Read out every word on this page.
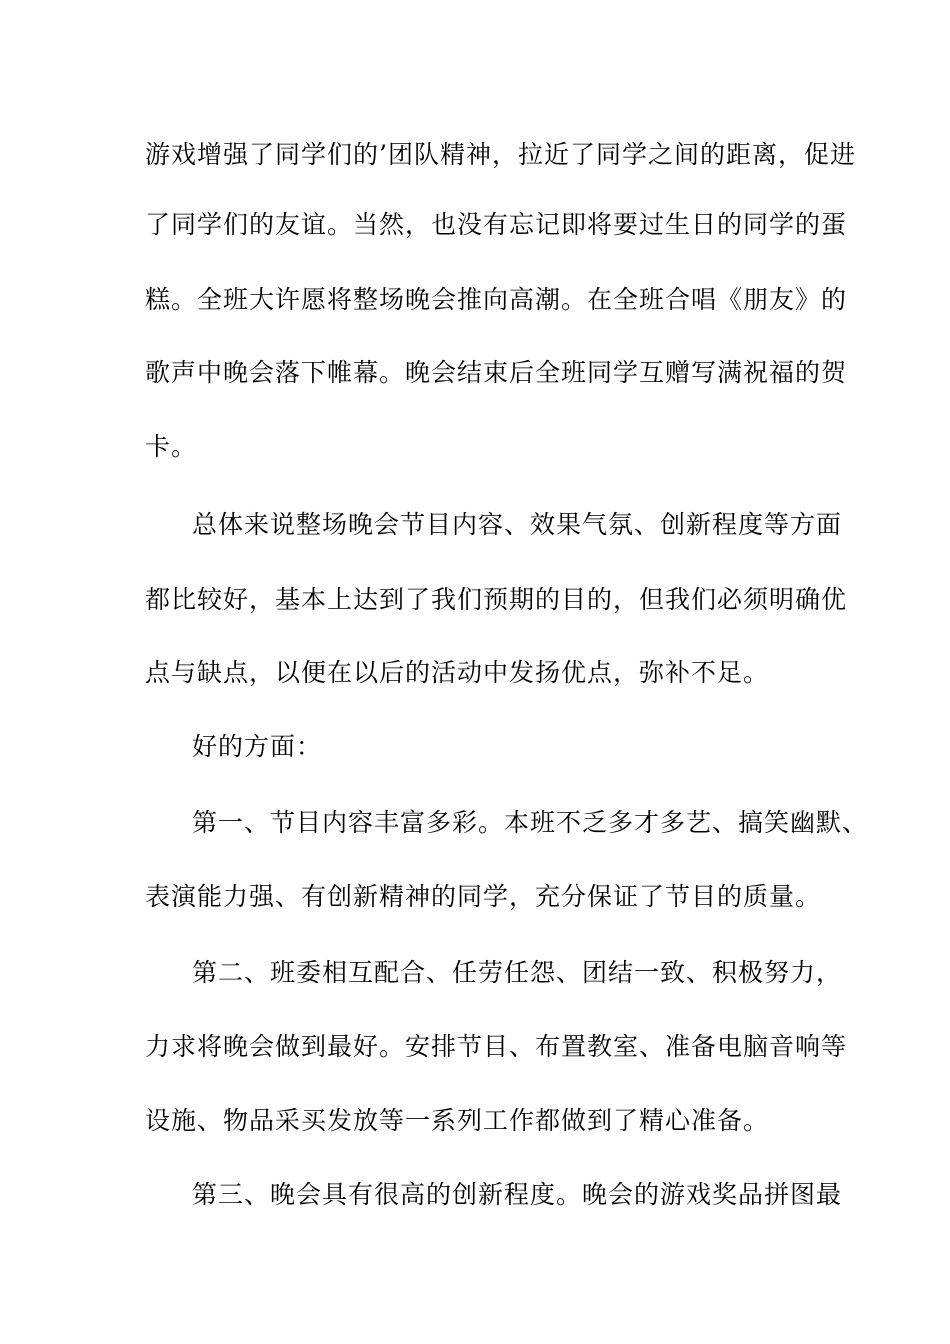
游戏增强了同学们的’团队精神，拉近了同学之间的距离，促进
了同学们的友谊。当然，也没有忘记即将要过生日的同学的蛋
糕。全班大许愿将整场晚会推向高潮。在全班合唱《朋友》的
歌声中晚会落下帷幕。晚会结束后全班同学互赠写满祝福的贺
卡。
总体来说整场晚会节目内容、效果气氛、创新程度等方面
都比较好，基本上达到了我们预期的目的，但我们必须明确优
点与缺点，以便在以后的活动中发扬优点，弥补不足。
好的方面：
第一、节目内容丰富多彩。本班不乏多才多艺、搞笑幽默、
表演能力强、有创新精神的同学，充分保证了节目的质量。
第二、班委相互配合、任劳任怨、团结一致、积极努力，
力求将晚会做到最好。安排节目、布置教室、准备电脑音响等
设施、物品采买发放等一系列工作都做到了精心准备。
第三、晚会具有很高的创新程度。晚会的游戏奖品拼图最
